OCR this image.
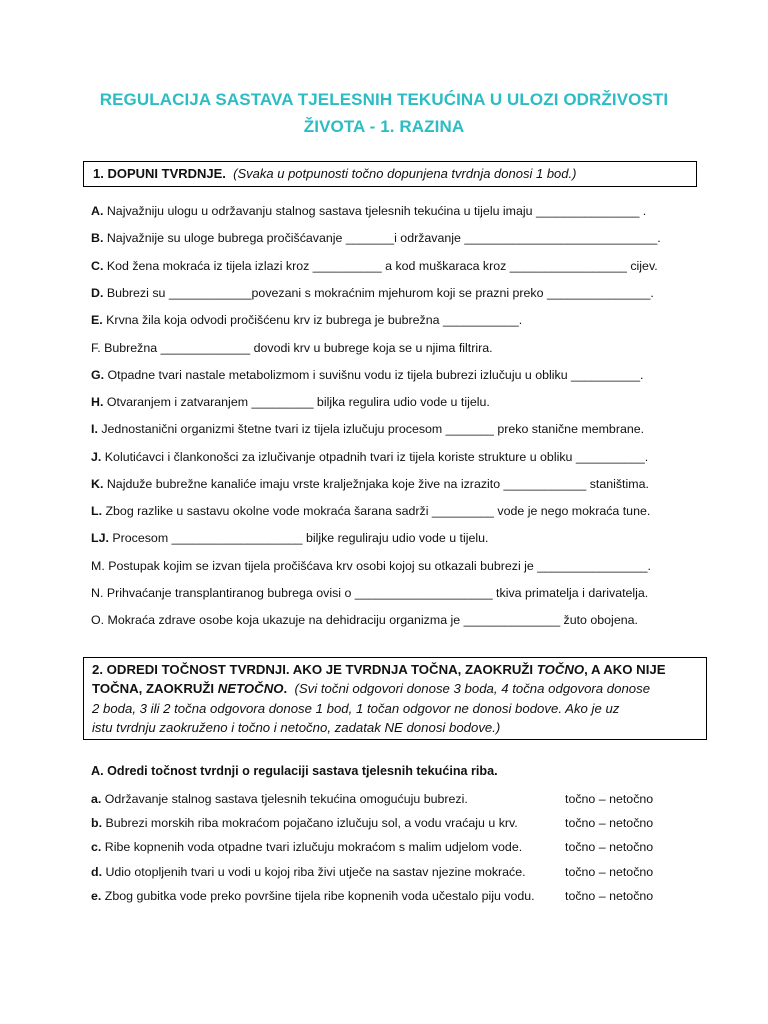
REGULACIJA SASTAVA TJELESNIH TEKUĆINA U ULOZI ODRŽIVOSTI
ŽIVOTA - 1. RAZINA
1. DOPUNI TVRDNJE. (Svaka u potpunosti točno dopunjena tvrdnja donosi 1 bod.)
A. Najvažniju ulogu u održavanju stalnog sastava tjelesnih tekućina u tijelu imaju _______________ .
B. Najvažnije su uloge bubrega pročišćavanje _______i održavanje ____________________________.
C. Kod žena mokraća iz tijela izlazi kroz __________ a kod muškaraca kroz _________________ cijev.
D. Bubrezi su ____________povezani s mokraćnim mjehurom koji se prazni preko _______________.
E. Krvna žila koja odvodi pročišćenu krv iz bubrega je bubrežna ___________.
F. Bubrežna _____________ dovodi krv u bubrege koja se u njima filtrira.
G. Otpadne tvari nastale metabolizmom i suvišnu vodu iz tijela bubrezi izlučuju u obliku __________.
H. Otvaranjem i zatvaranjem _________ biljka regulira udio vode u tijelu.
I. Jednostanični organizmi štetne tvari iz tijela izlučuju procesom _______ preko stanične membrane.
J. Kolutićavci i člankonošci za izlučivanje otpadnih tvari iz tijela koriste strukture u obliku __________.
K. Najduže bubrežne kanaliće imaju vrste kralježnjaka koje žive na izrazito ____________ staništima.
L. Zbog razlike u sastavu okolne vode mokraća šarana sadrži _________ vode je nego mokraća tune.
LJ. Procesom ___________________ biljke reguliraju udio vode u tijelu.
M. Postupak kojim se izvan tijela pročišćava krv osobi kojoj su otkazali bubrezi je ________________.
N. Prihvaćanje transplantiranog bubrega ovisi o ____________________ tkiva primatelja i darivatelja.
O. Mokraća zdrave osobe koja ukazuje na dehidraciju organizma je ______________ žuto obojena.
2. ODREDI TOČNOST TVRDNJI. AKO JE TVRDNJA TOČNA, ZAOKRUŽI TOČNO, A AKO NIJE
TOČNA, ZAOKRUŽI NETOČNO. (Svi točni odgovori donose 3 boda, 4 točna odgovora donose
2 boda, 3 ili 2 točna odgovora donose 1 bod, 1 točan odgovor ne donosi bodove. Ako je uz
istu tvrdnju zaokruženo i točno i netočno, zadatak NE donosi bodove.)
A. Odredi točnost tvrdnji o regulaciji sastava tjelesnih tekućina riba.
a. Održavanje stalnog sastava tjelesnih tekućina omogućuju bubrezi.	točno – netočno
b. Bubrezi morskih riba mokraćom pojačano izlučuju sol, a vodu vraćaju u krv.	točno – netočno
c. Ribe kopnenih voda otpadne tvari izlučuju mokraćom s malim udjelom vode.	točno – netočno
d. Udio otopljenih tvari u vodi u kojoj riba živi utječe na sastav njezine mokraće.	točno – netočno
e. Zbog gubitka vode preko površine tijela ribe kopnenih voda učestalo piju vodu. točno – netočno
